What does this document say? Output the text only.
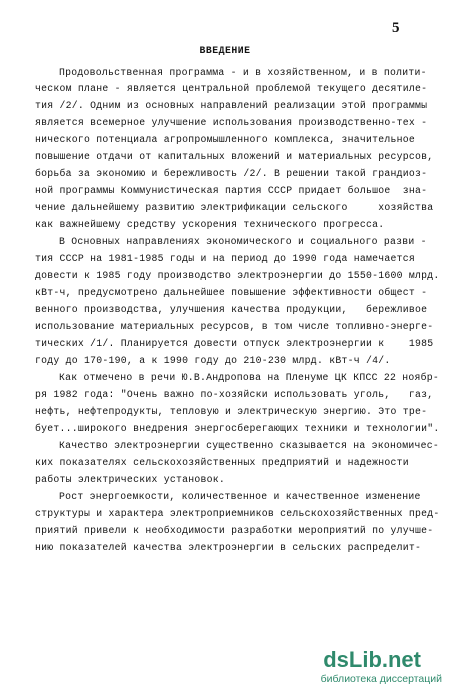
5
ВВЕДЕНИЕ
Продовольственная программа - и в хозяйственном, и в полити-
ческом плане - является центральной проблемой текущего десятиле-
тия /2/. Одним из основных направлений реализации этой программы
является всемерное улучшение использования производственно-тех -
нического потенциала агропромышленного комплекса, значительное
повышение отдачи от капитальных вложений и материальных ресурсов,
борьба за экономию и бережливость /2/. В решении такой грандиоз-
ной программы Коммунистическая партия СССР придает большое  зна-
чение дальнейшему развитию электрификации сельского     хозяйства
как важнейшему средству ускорения технического прогресса.
В Основных направлениях экономического и социального разви -
тия СССР на 1981-1985 годы и на период до 1990 года намечается
довести к 1985 году производство электроэнергии до 1550-1600 млрд.
кВт-ч, предусмотрено дальнейшее повышение эффективности общест -
венного производства, улучшения качества продукции,   бережливое
использование материальных ресурсов, в том числе топливно-энерге-
тических /1/. Планируется довести отпуск электроэнергии к    1985
году до 170-190, а к 1990 году до 210-230 млрд. кВт-ч /4/.
Как отмечено в речи Ю.В.Андропова на Пленуме ЦК КПСС 22 ноябр-
ря 1982 года: "Очень важно по-хозяйски использовать уголь,   газ,
нефть, нефтепродукты, тепловую и электрическую энергию. Это тре-
бует...широкого внедрения энергосберегающих техники и технологии".
Качество электроэнергии существенно сказывается на экономичес-
ких показателях сельскохозяйственных предприятий и надежности
работы электрических установок.
Рост энергоемкости, количественное и качественное изменение
структуры и характера электроприемников сельскохозяйственных пред-
приятий привели к необходимости разработки мероприятий по улучше-
нию показателей качества электроэнергии в сельских распределит-
dsLib.net
библиотека диссертаций
